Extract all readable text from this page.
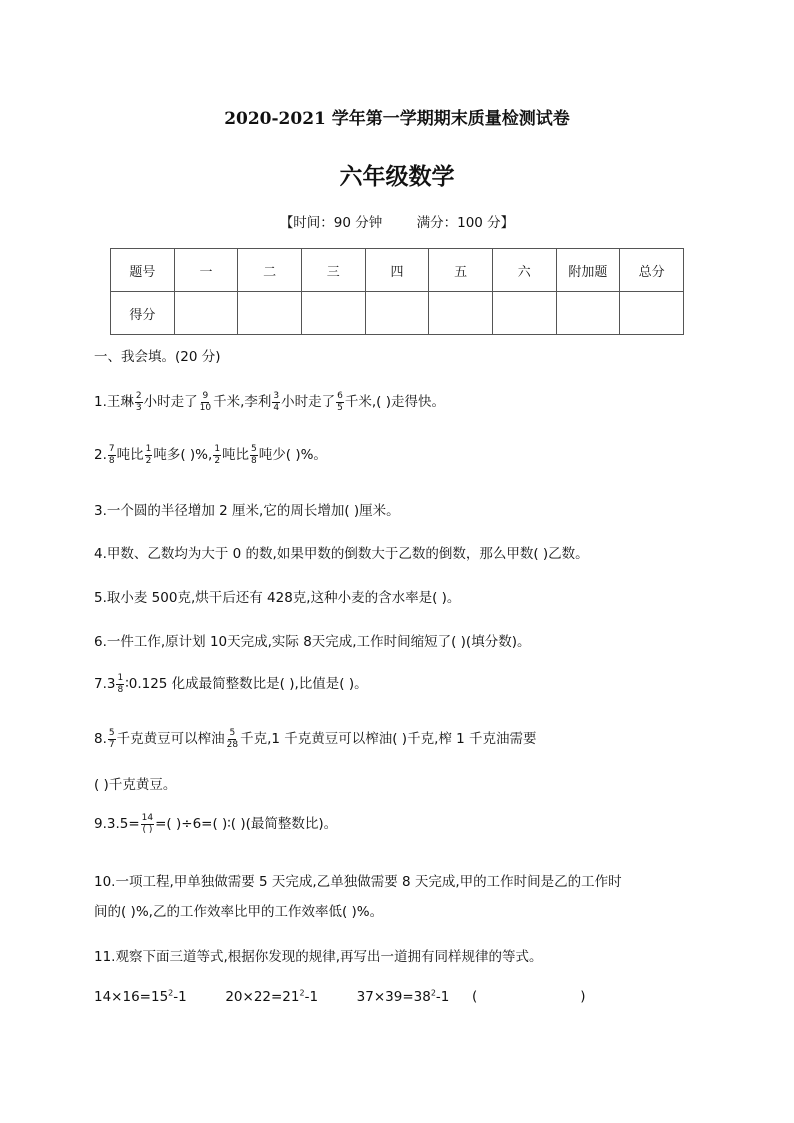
2020-2021 学年第一学期期末质量检测试卷
六年级数学
【时间：90 分钟        满分：100 分】
题号	一	二	三	四	五	六	附加题	总分
得分								
一、我会填。(20 分)
1.王琳 $\frac{2}{3}$ 小时走了 $\frac{9}{10}$ 千米,李利 $\frac{3}{4}$ 小时走了 $\frac{6}{5}$ 千米,( )走得快。
2. $\frac{7}{8}$ 吨比 $\frac{1}{2}$ 吨多( )%, $\frac{1}{2}$ 吨比 $\frac{5}{8}$ 吨少( )%。
3.一个圆的半径增加 2 厘米,它的周长增加( )厘米。
4.甲数、乙数均为大于 0 的数,如果甲数的倒数大于乙数的倒数，那么甲数( )乙数。
5.取小麦 500克,烘干后还有 428克,这种小麦的含水率是( )。
6.一件工作,原计划 10天完成,实际 8天完成,工作时间缩短了( )(填分数)。
$7.3 \frac{1}{8}$ ∶0.125 化成最简整数比是( ),比值是( )。
8. $\frac{5}{7}$ 千克黄豆可以榨油 $\frac{5}{28}$ 千克,1 千克黄豆可以榨油( )千克,榨 1 千克油需要
( )千克黄豆。
$9.3.5= \frac{14}{( )}$ =( )÷6=( )∶( )(最简整数比)。
10.一项工程,甲单独做需要 5 天完成,乙单独做需要 8 天完成,甲的工作时间是乙的工作时
间的( )%,乙的工作效率比甲的工作效率低( )%。
11.观察下面三道等式,根据你发现的规律,再写出一道拥有同样规律的等式。
$14\times 16=15^2-1$	$20\times 22=21^2-1$	$37\times 39=38^2-1$ (                        )
